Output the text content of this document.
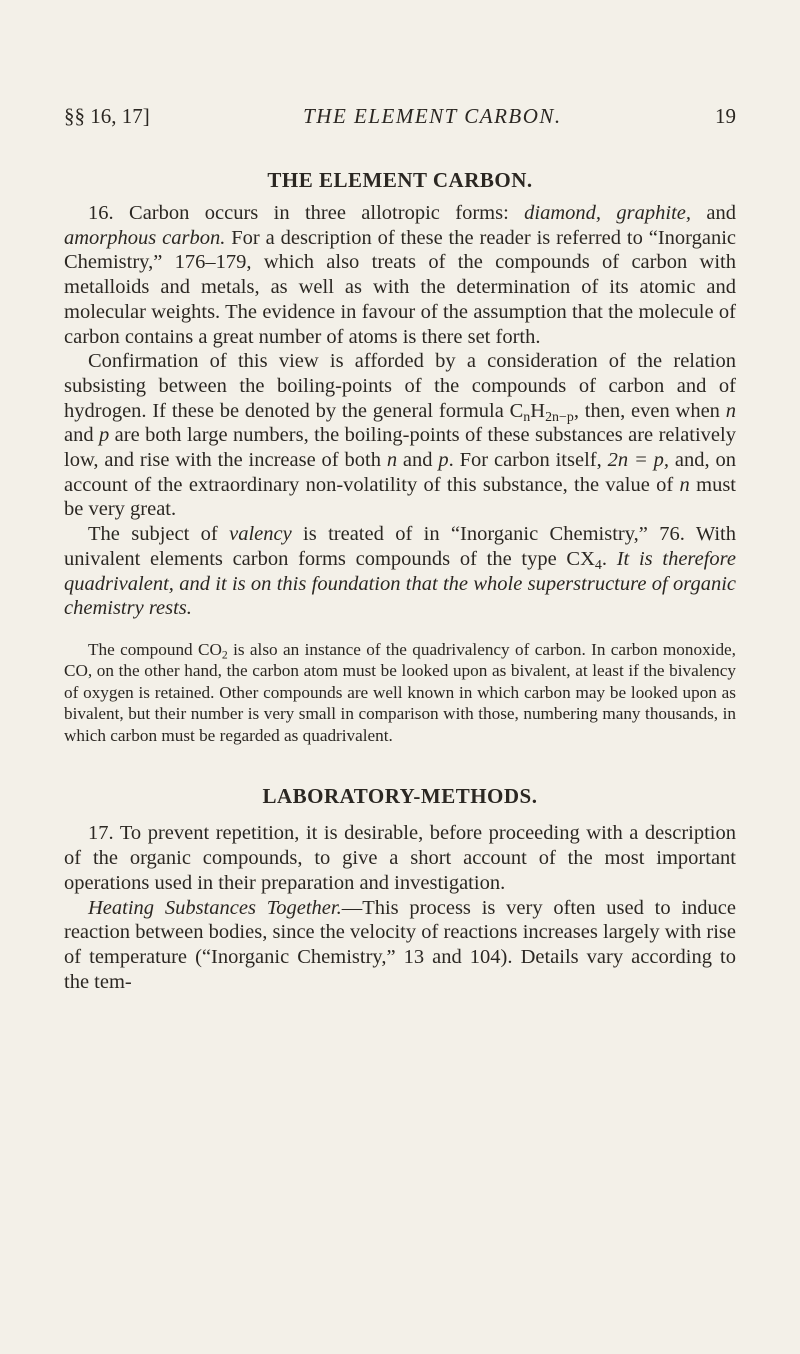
§§ 16, 17]	THE ELEMENT CARBON.	19
THE ELEMENT CARBON.

16. Carbon occurs in three allotropic forms: diamond, graphite, and amorphous carbon. For a description of these the reader is referred to “Inorganic Chemistry,” 176–179, which also treats of the compounds of carbon with metalloids and metals, as well as with the determination of its atomic and molecular weights. The evidence in favour of the assumption that the molecule of carbon contains a great number of atoms is there set forth.

Confirmation of this view is afforded by a consideration of the relation subsisting between the boiling-points of the compounds of carbon and of hydrogen. If these be denoted by the general formula $C_nH_{2n-p}$, then, even when n and p are both large numbers, the boiling-points of these substances are relatively low, and rise with the increase of both n and p. For carbon itself, 2n = p, and, on account of the extraordinary non-volatility of this substance, the value of n must be very great.

The subject of valency is treated of in “Inorganic Chemistry,” 76. With univalent elements carbon forms compounds of the type $CX_4$. It is therefore quadrivalent, and it is on this foundation that the whole superstructure of organic chemistry rests.

The compound $CO_2$ is also an instance of the quadrivalency of carbon. In carbon monoxide, CO, on the other hand, the carbon atom must be looked upon as bivalent, at least if the bivalency of oxygen is retained. Other compounds are well known in which carbon may be looked upon as bivalent, but their number is very small in comparison with those, numbering many thousands, in which carbon must be regarded as quadrivalent.

LABORATORY-METHODS.

17. To prevent repetition, it is desirable, before proceeding with a description of the organic compounds, to give a short account of the most important operations used in their preparation and investigation.

Heating Substances Together.—This process is very often used to induce reaction between bodies, since the velocity of reactions increases largely with rise of temperature (“Inorganic Chemistry,” 13 and 104). Details vary according to the tem-
